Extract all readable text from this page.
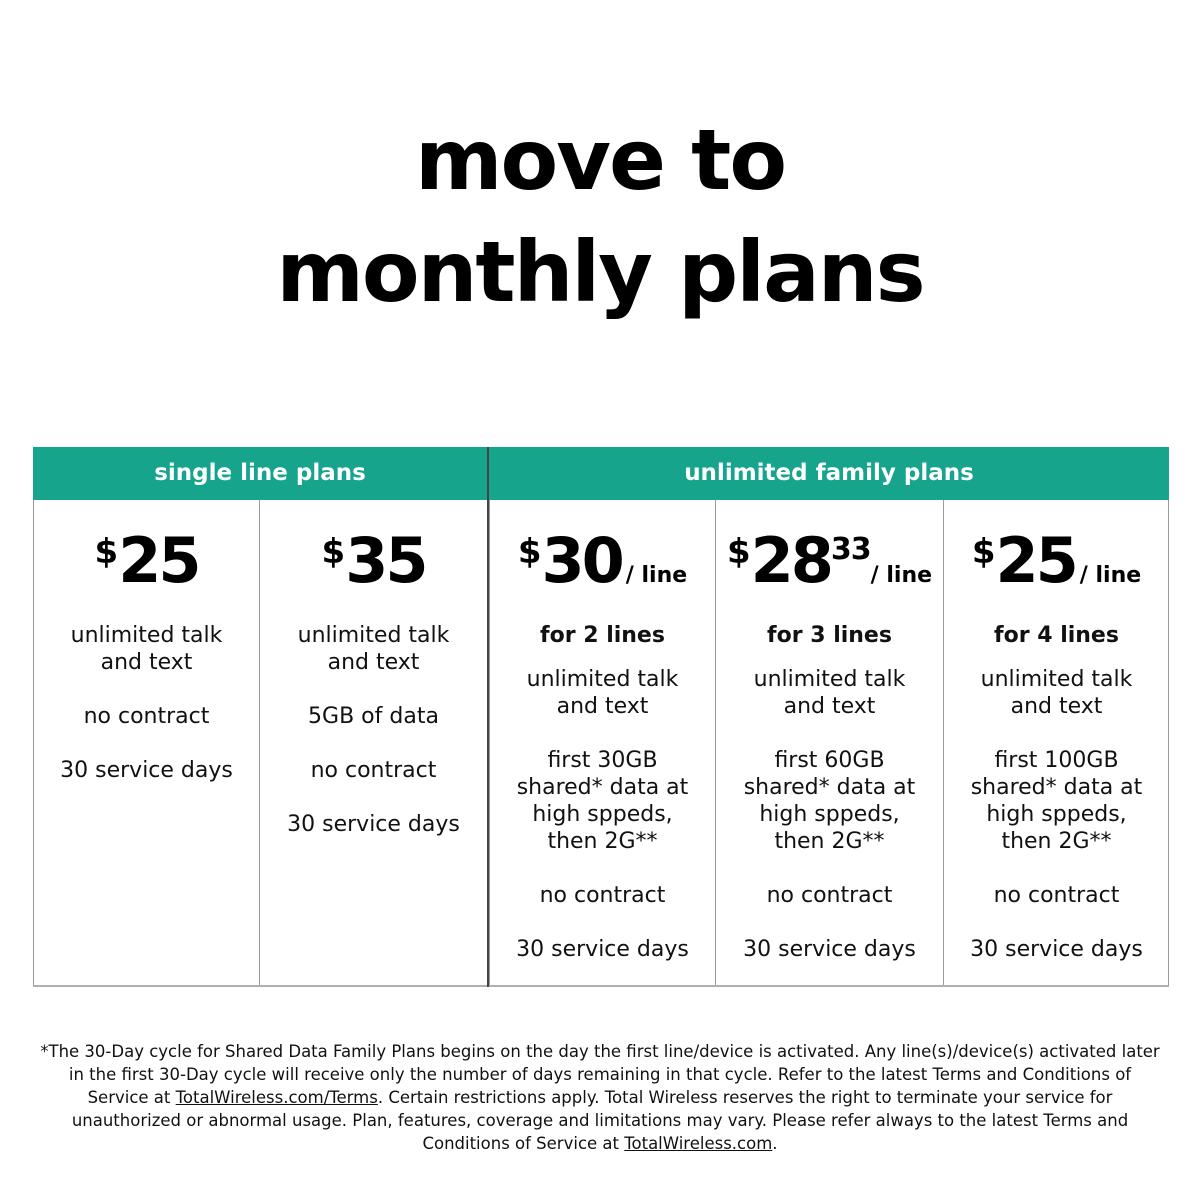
move to
monthly plans
single line plans	unlimited family plans
$25
unlimited talk and text
no contract
30 service days
$35
unlimited talk and text
5GB of data
no contract
30 service days
$30 / line
for 2 lines
unlimited talk and text
first 30GB shared* data at high sppeds, then 2G**
no contract
30 service days
$2833/ line
for 3 lines
unlimited talk and text
first 60GB shared* data at high sppeds, then 2G**
no contract
30 service days
$25 / line
for 4 lines
unlimited talk and text
first 100GB shared* data at high sppeds, then 2G**
no contract
30 service days
*The 30-Day cycle for Shared Data Family Plans begins on the day the first line/device is activated. Any line(s)/device(s) activated later in the first 30-Day cycle will receive only the number of days remaining in that cycle. Refer to the latest Terms and Conditions of Service at TotalWireless.com/Terms. Certain restrictions apply. Total Wireless reserves the right to terminate your service for unauthorized or abnormal usage. Plan, features, coverage and limitations may vary. Please refer always to the latest Terms and Conditions of Service at TotalWireless.com.
